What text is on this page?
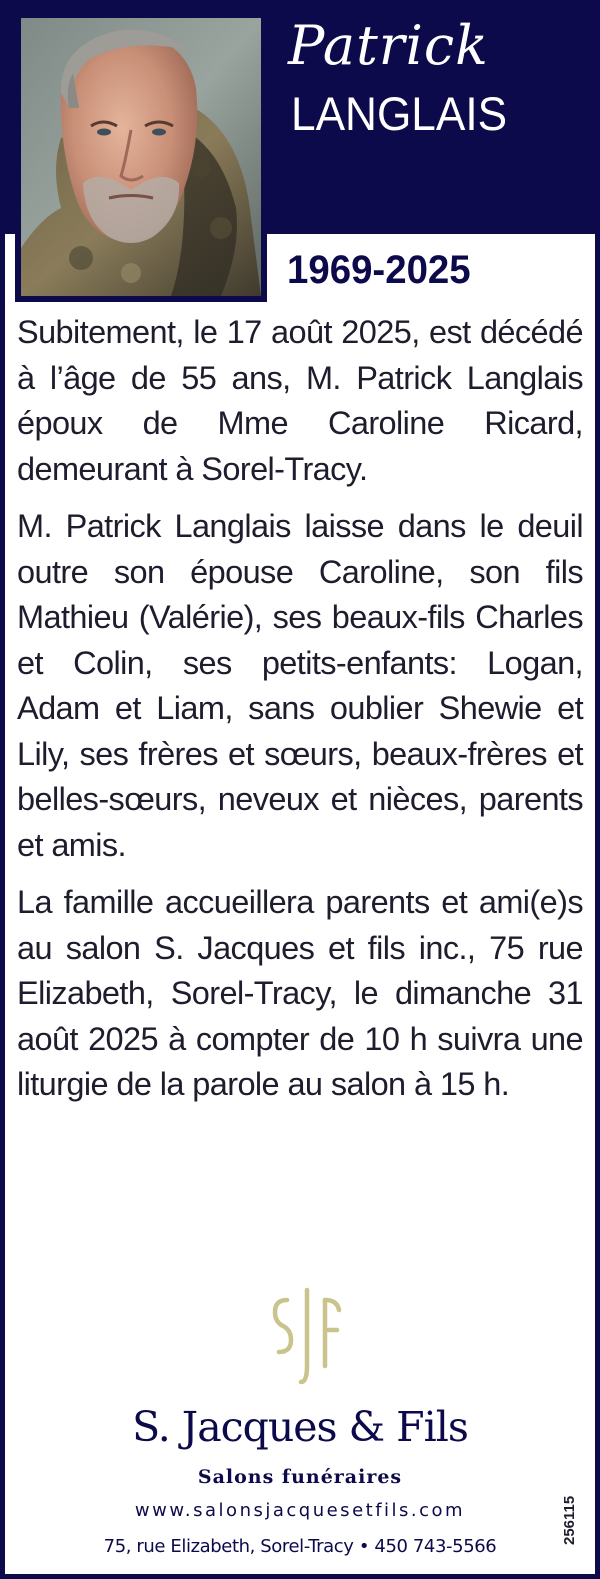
Patrick
LANGLAIS
1969-2025

Subitement, le 17 août 2025, est décédé à l’âge de 55 ans, M. Patrick Langlais époux de Mme Caroline Ricard, demeurant à Sorel-Tracy.

M. Patrick Langlais laisse dans le deuil outre son épouse Caroline, son fils Mathieu (Valérie), ses beaux-fils Charles et Colin, ses petits-enfants: Logan, Adam et Liam, sans oublier Shewie et Lily, ses frères et sœurs, beaux-frères et belles-sœurs, neveux et nièces, parents et amis.

La famille accueillera parents et ami(e)s au salon S. Jacques et fils inc., 75 rue Elizabeth, Sorel-Tracy, le dimanche 31 août 2025 à compter de 10 h suivra une liturgie de la parole au salon à 15 h.

S. Jacques & Fils
Salons funéraires
www.salonsjacquesetfils.com
75, rue Elizabeth, Sorel-Tracy • 450 743-5566
256115
